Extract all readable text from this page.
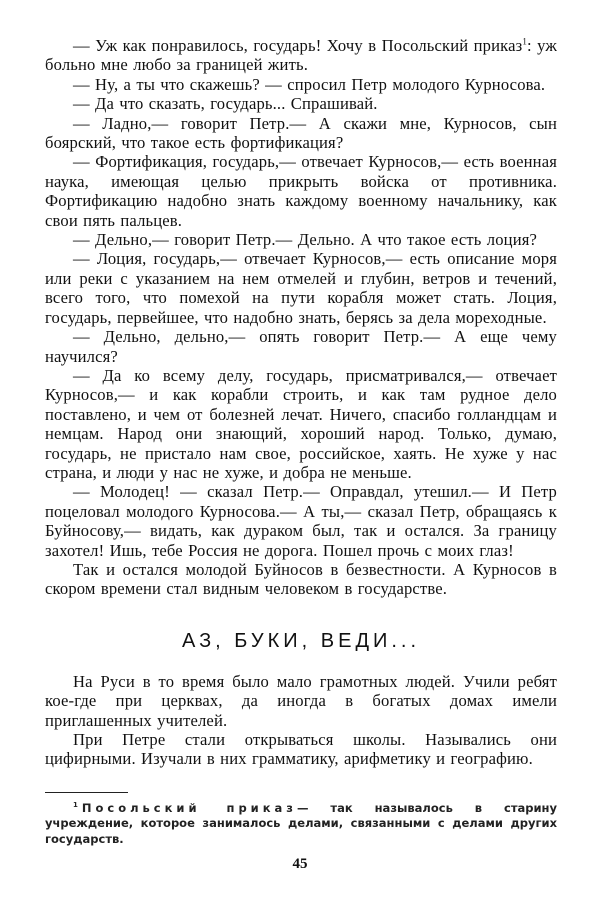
— Уж как понравилось, государь! Хочу в Посольский приказ$^1$: уж больно мне любо за границей жить.

— Ну, а ты что скажешь? — спросил Петр молодого Курносова.

— Да что сказать, государь... Спрашивай.

— Ладно,— говорит Петр.— А скажи мне, Курносов, сын боярский, что такое есть фортификация?

— Фортификация, государь,— отвечает Курносов,— есть военная наука, имеющая целью прикрыть войска от противника. Фортификацию надобно знать каждому военному начальнику, как свои пять пальцев.

— Дельно,— говорит Петр.— Дельно. А что такое есть лоция?

— Лоция, государь,— отвечает Курносов,— есть описание моря или реки с указанием на нем отмелей и глубин, ветров и течений, всего того, что помехой на пути корабля может стать. Лоция, государь, первейшее, что надобно знать, берясь за дела мореходные.

— Дельно, дельно,— опять говорит Петр.— А еще чему научился?

— Да ко всему делу, государь, присматривался,— отвечает Курносов,— и как корабли строить, и как там рудное дело поставлено, и чем от болезней лечат. Ничего, спасибо голландцам и немцам. Народ они знающий, хороший народ. Только, думаю, государь, не пристало нам свое, российское, хаять. Не хуже у нас страна, и люди у нас не хуже, и добра не меньше.

— Молодец! — сказал Петр.— Оправдал, утешил.— И Петр поцеловал молодого Курносова.— А ты,— сказал Петр, обращаясь к Буйносову,— видать, как дураком был, так и остался. За границу захотел! Ишь, тебе Россия не дорога. Пошел прочь с моих глаз!

Так и остался молодой Буйносов в безвестности. А Курносов в скором времени стал видным человеком в государстве.

АЗ, БУКИ, ВЕДИ...

На Руси в то время было мало грамотных людей. Учили ребят кое-где при церквах, да иногда в богатых домах имели приглашенных учителей.

При Петре стали открываться школы. Назывались они цифирными. Изучали в них грамматику, арифметику и географию.

$^1$ Посольский приказ— так называлось в старину учреждение, которое занималось делами, связанными с делами других государств.

45
